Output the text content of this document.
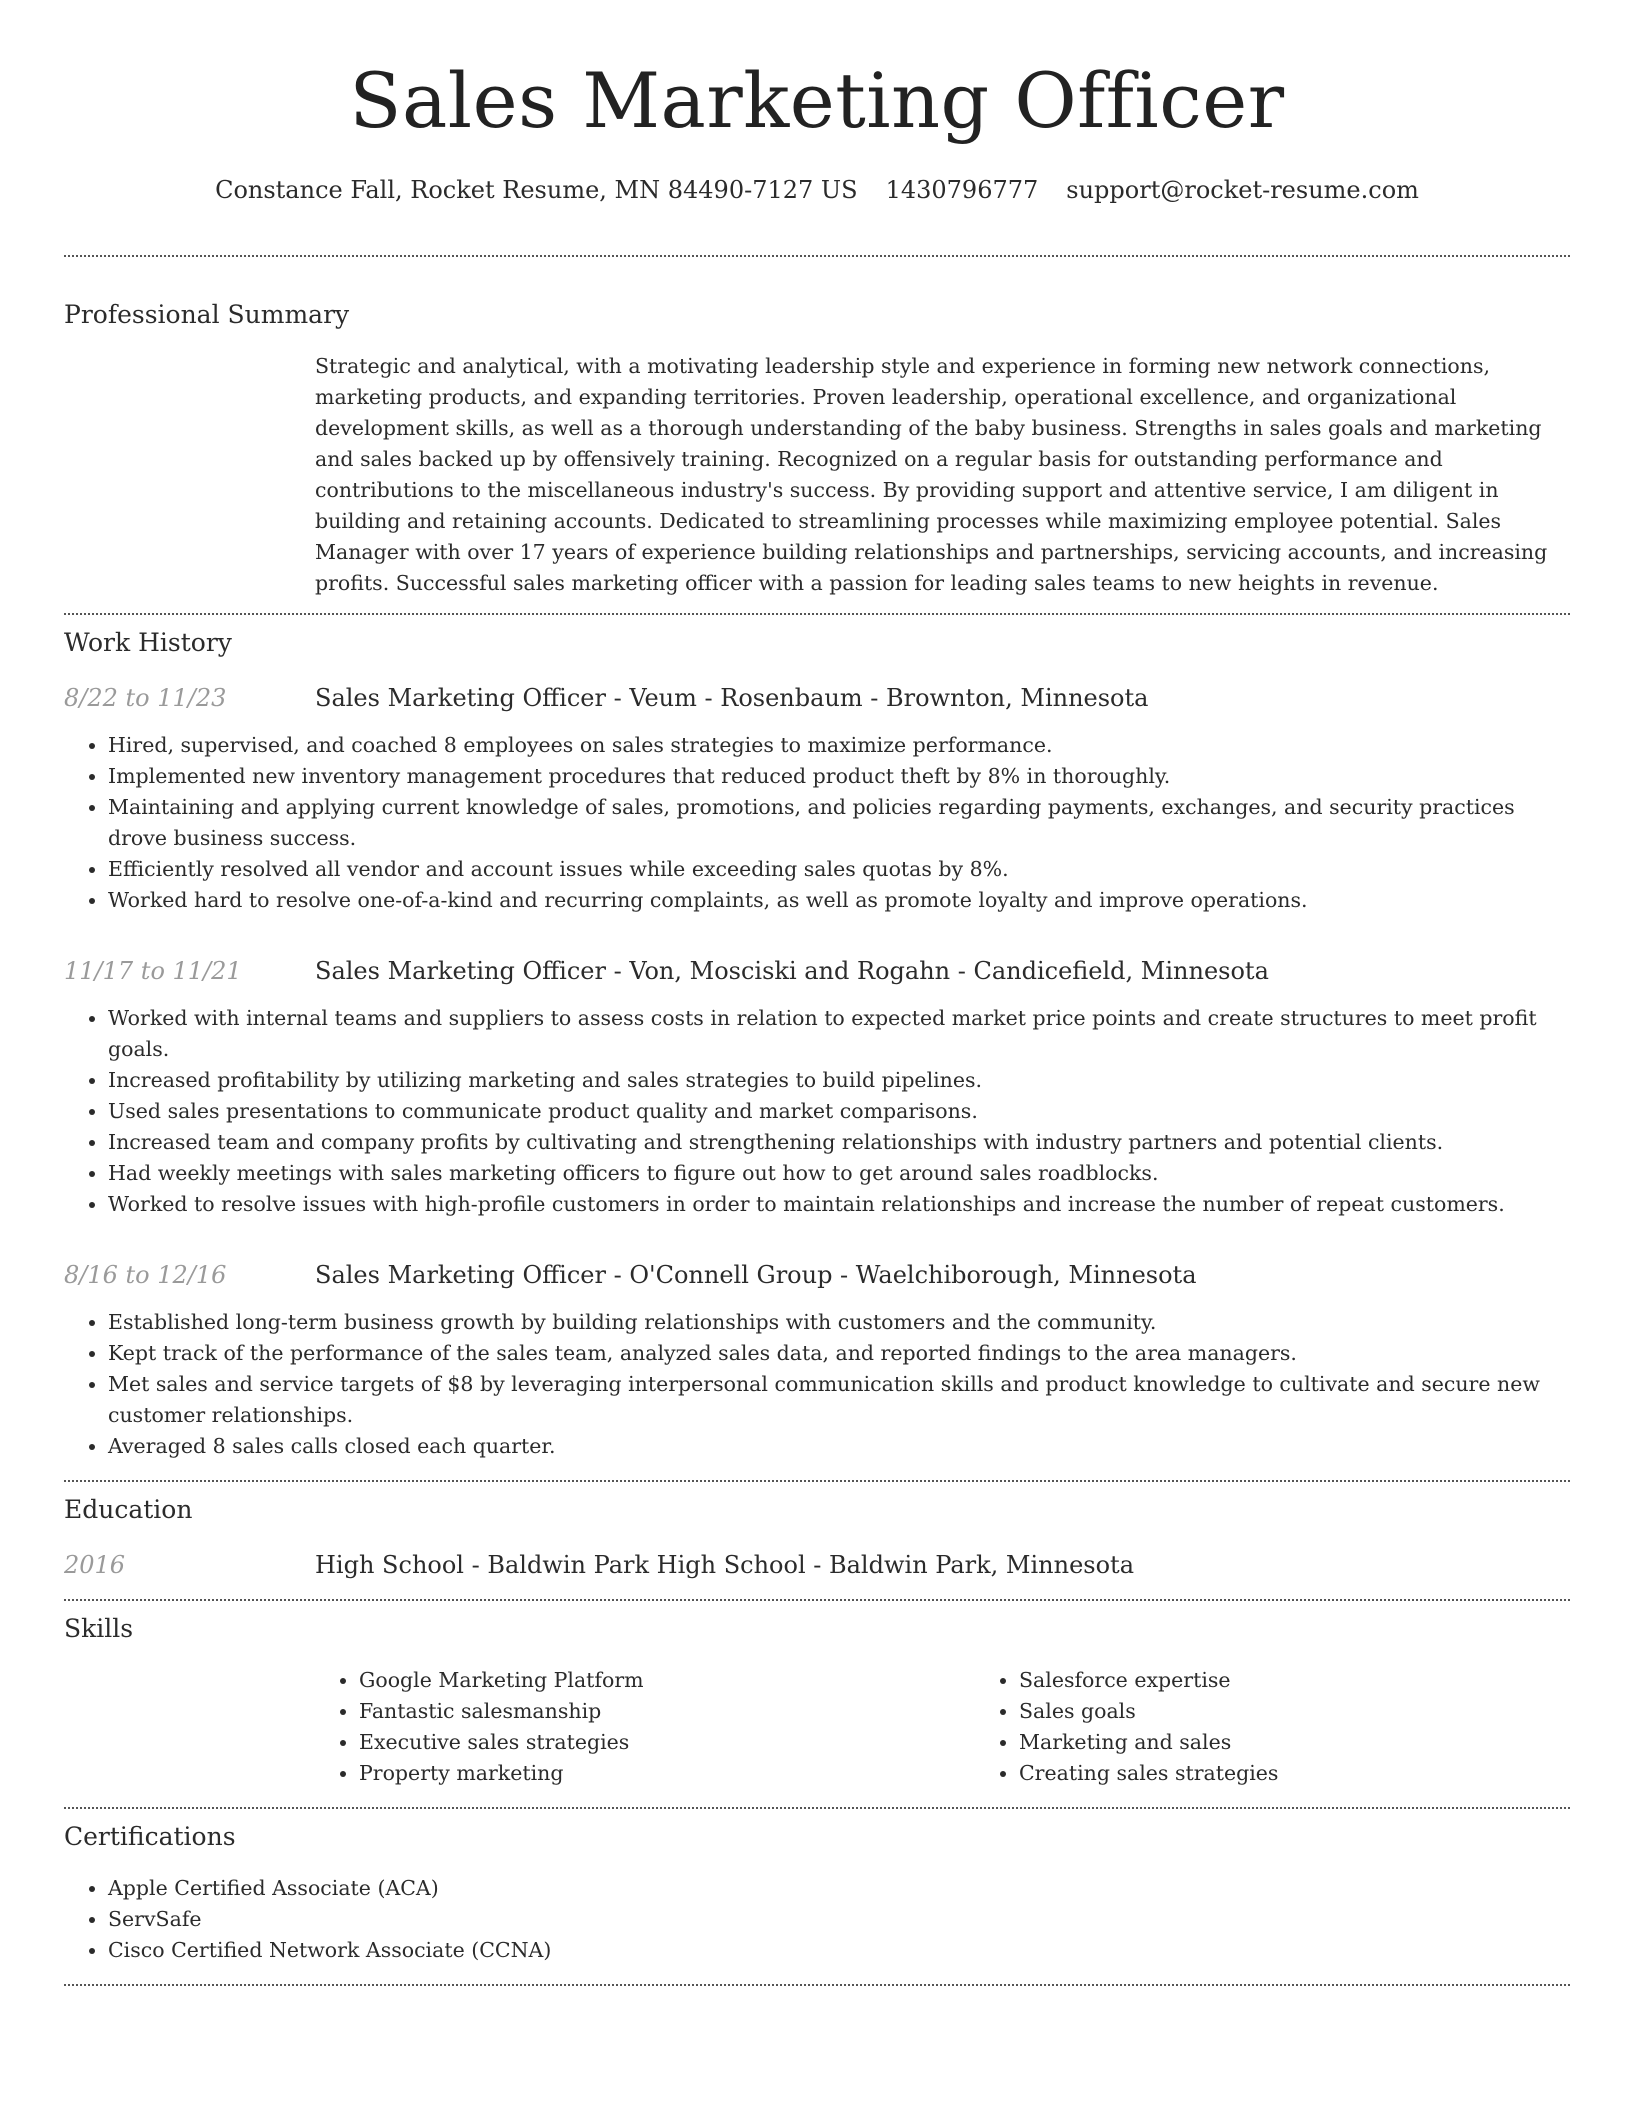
Sales Marketing Officer
Constance Fall, Rocket Resume, MN 84490-7127 US 1430796777 support@rocket-resume.com
Professional Summary

Strategic and analytical, with a motivating leadership style and experience in forming new network connections, marketing products, and expanding territories. Proven leadership, operational excellence, and organizational development skills, as well as a thorough understanding of the baby business. Strengths in sales goals and marketing and sales backed up by offensively training. Recognized on a regular basis for outstanding performance and contributions to the miscellaneous industry's success. By providing support and attentive service, I am diligent in building and retaining accounts. Dedicated to streamlining processes while maximizing employee potential. Sales Manager with over 17 years of experience building relationships and partnerships, servicing accounts, and increasing profits. Successful sales marketing officer with a passion for leading sales teams to new heights in revenue.

Work History
8/22 to 11/23	Sales Marketing Officer - Veum - Rosenbaum - Brownton, Minnesota
• Hired, supervised, and coached 8 employees on sales strategies to maximize performance.
• Implemented new inventory management procedures that reduced product theft by 8% in thoroughly.
• Maintaining and applying current knowledge of sales, promotions, and policies regarding payments, exchanges, and security practices drove business success.
• Efficiently resolved all vendor and account issues while exceeding sales quotas by 8%.
• Worked hard to resolve one-of-a-kind and recurring complaints, as well as promote loyalty and improve operations.
11/17 to 11/21	Sales Marketing Officer - Von, Mosciski and Rogahn - Candicefield, Minnesota
• Worked with internal teams and suppliers to assess costs in relation to expected market price points and create structures to meet profit goals.
• Increased profitability by utilizing marketing and sales strategies to build pipelines.
• Used sales presentations to communicate product quality and market comparisons.
• Increased team and company profits by cultivating and strengthening relationships with industry partners and potential clients.
• Had weekly meetings with sales marketing officers to figure out how to get around sales roadblocks.
• Worked to resolve issues with high-profile customers in order to maintain relationships and increase the number of repeat customers.
8/16 to 12/16	Sales Marketing Officer - O'Connell Group - Waelchiborough, Minnesota
• Established long-term business growth by building relationships with customers and the community.
• Kept track of the performance of the sales team, analyzed sales data, and reported findings to the area managers.
• Met sales and service targets of $8 by leveraging interpersonal communication skills and product knowledge to cultivate and secure new customer relationships.
• Averaged 8 sales calls closed each quarter.
Education
2016	High School - Baldwin Park High School - Baldwin Park, Minnesota
Skills
• Google Marketing Platform
• Fantastic salesmanship
• Executive sales strategies
• Property marketing
• Salesforce expertise
• Sales goals
• Marketing and sales
• Creating sales strategies
Certifications
• Apple Certified Associate (ACA)
• ServSafe
• Cisco Certified Network Associate (CCNA)
